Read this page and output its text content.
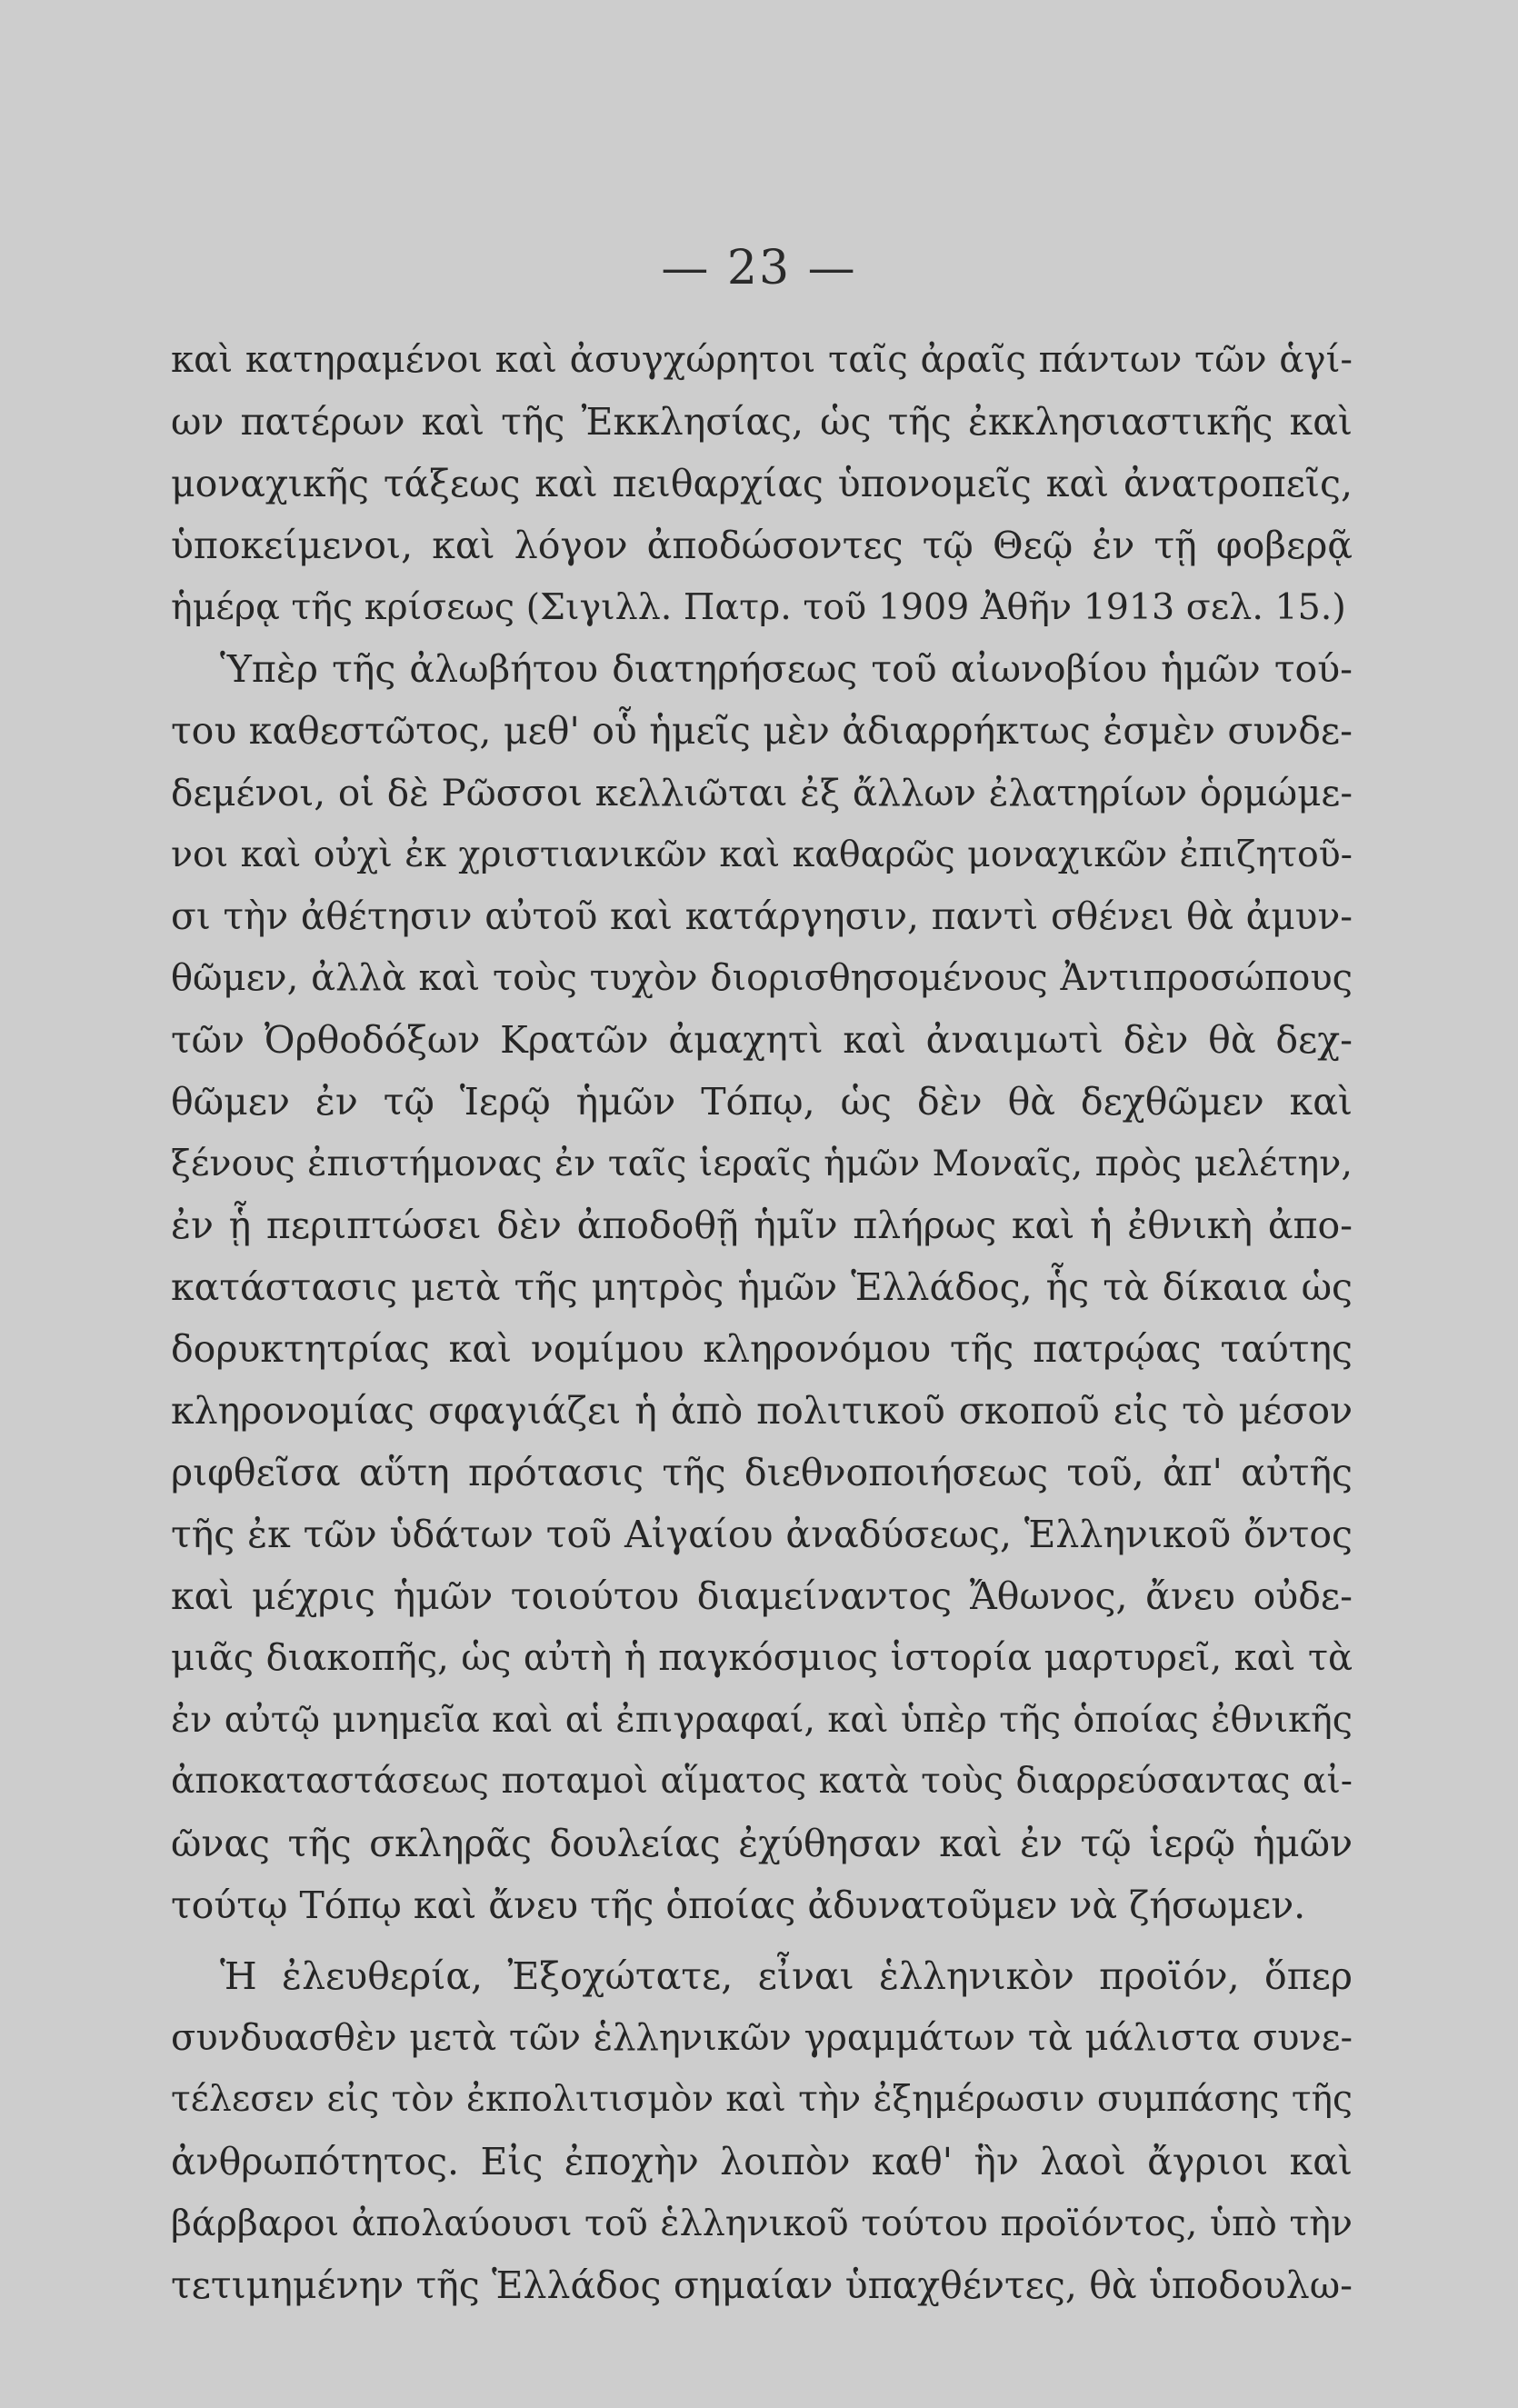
— 23 —
καὶ κατηραμένοι καὶ ἀσυγχώρητοι ταῖς ἀραῖς πάντων τῶν ἁγί-
ων πατέρων καὶ τῆς Ἐκκλησίας, ὡς τῆς ἐκκλησιαστικῆς καὶ
μοναχικῆς τάξεως καὶ πειθαρχίας ὑπονομεῖς καὶ ἀνατροπεῖς,
ὑποκείμενοι, καὶ λόγον ἀποδώσοντες τῷ Θεῷ ἐν τῇ φοβερᾷ
ἡμέρᾳ τῆς κρίσεως (Σιγιλλ. Πατρ. τοῦ 1909 Ἀθῆν 1913 σελ. 15.)
Ὑπὲρ τῆς ἀλωβήτου διατηρήσεως τοῦ αἰωνοβίου ἡμῶν τού-
του καθεστῶτος, μεθ' οὗ ἡμεῖς μὲν ἀδιαρρήκτως ἐσμὲν συνδε-
δεμένοι, οἱ δὲ Ρῶσσοι κελλιῶται ἐξ ἄλλων ἐλατηρίων ὁρμώμε-
νοι καὶ οὐχὶ ἐκ χριστιανικῶν καὶ καθαρῶς μοναχικῶν ἐπιζητοῦ-
σι τὴν ἀθέτησιν αὐτοῦ καὶ κατάργησιν, παντὶ σθένει θὰ ἀμυν-
θῶμεν, ἀλλὰ καὶ τοὺς τυχὸν διορισθησομένους Ἀντιπροσώπους
τῶν Ὀρθοδόξων Κρατῶν ἀμαχητὶ καὶ ἀναιμωτὶ δὲν θὰ δεχ-
θῶμεν ἐν τῷ Ἱερῷ ἡμῶν Τόπῳ, ὡς δὲν θὰ δεχθῶμεν καὶ
ξένους ἐπιστήμονας ἐν ταῖς ἱεραῖς ἡμῶν Μοναῖς, πρὸς μελέτην,
ἐν ᾗ περιπτώσει δὲν ἀποδοθῇ ἡμῖν πλήρως καὶ ἡ ἐθνικὴ ἀπο-
κατάστασις μετὰ τῆς μητρὸς ἡμῶν Ἑλλάδος, ἧς τὰ δίκαια ὡς
δορυκτητρίας καὶ νομίμου κληρονόμου τῆς πατρῴας ταύτης
κληρονομίας σφαγιάζει ἡ ἀπὸ πολιτικοῦ σκοποῦ εἰς τὸ μέσον
ριφθεῖσα αὕτη πρότασις τῆς διεθνοποιήσεως τοῦ, ἀπ' αὐτῆς
τῆς ἐκ τῶν ὑδάτων τοῦ Αἰγαίου ἀναδύσεως, Ἑλληνικοῦ ὄντος
καὶ μέχρις ἡμῶν τοιούτου διαμείναντος Ἄθωνος, ἄνευ οὐδε-
μιᾶς διακοπῆς, ὡς αὐτὴ ἡ παγκόσμιος ἱστορία μαρτυρεῖ, καὶ τὰ
ἐν αὐτῷ μνημεῖα καὶ αἱ ἐπιγραφαί, καὶ ὑπὲρ τῆς ὁποίας ἐθνικῆς
ἀποκαταστάσεως ποταμοὶ αἵματος κατὰ τοὺς διαρρεύσαντας αἰ-
ῶνας τῆς σκληρᾶς δουλείας ἐχύθησαν καὶ ἐν τῷ ἱερῷ ἡμῶν
τούτῳ Τόπῳ καὶ ἄνευ τῆς ὁποίας ἀδυνατοῦμεν νὰ ζήσωμεν.
Ἡ ἐλευθερία, Ἐξοχώτατε, εἶναι ἑλληνικὸν προϊόν, ὅπερ
συνδυασθὲν μετὰ τῶν ἑλληνικῶν γραμμάτων τὰ μάλιστα συνε-
τέλεσεν εἰς τὸν ἐκπολιτισμὸν καὶ τὴν ἐξημέρωσιν συμπάσης τῆς
ἀνθρωπότητος. Εἰς ἐποχὴν λοιπὸν καθ' ἣν λαοὶ ἄγριοι καὶ
βάρβαροι ἀπολαύουσι τοῦ ἑλληνικοῦ τούτου προϊόντος, ὑπὸ τὴν
τετιμημένην τῆς Ἑλλάδος σημαίαν ὑπαχθέντες, θὰ ὑποδουλω-
